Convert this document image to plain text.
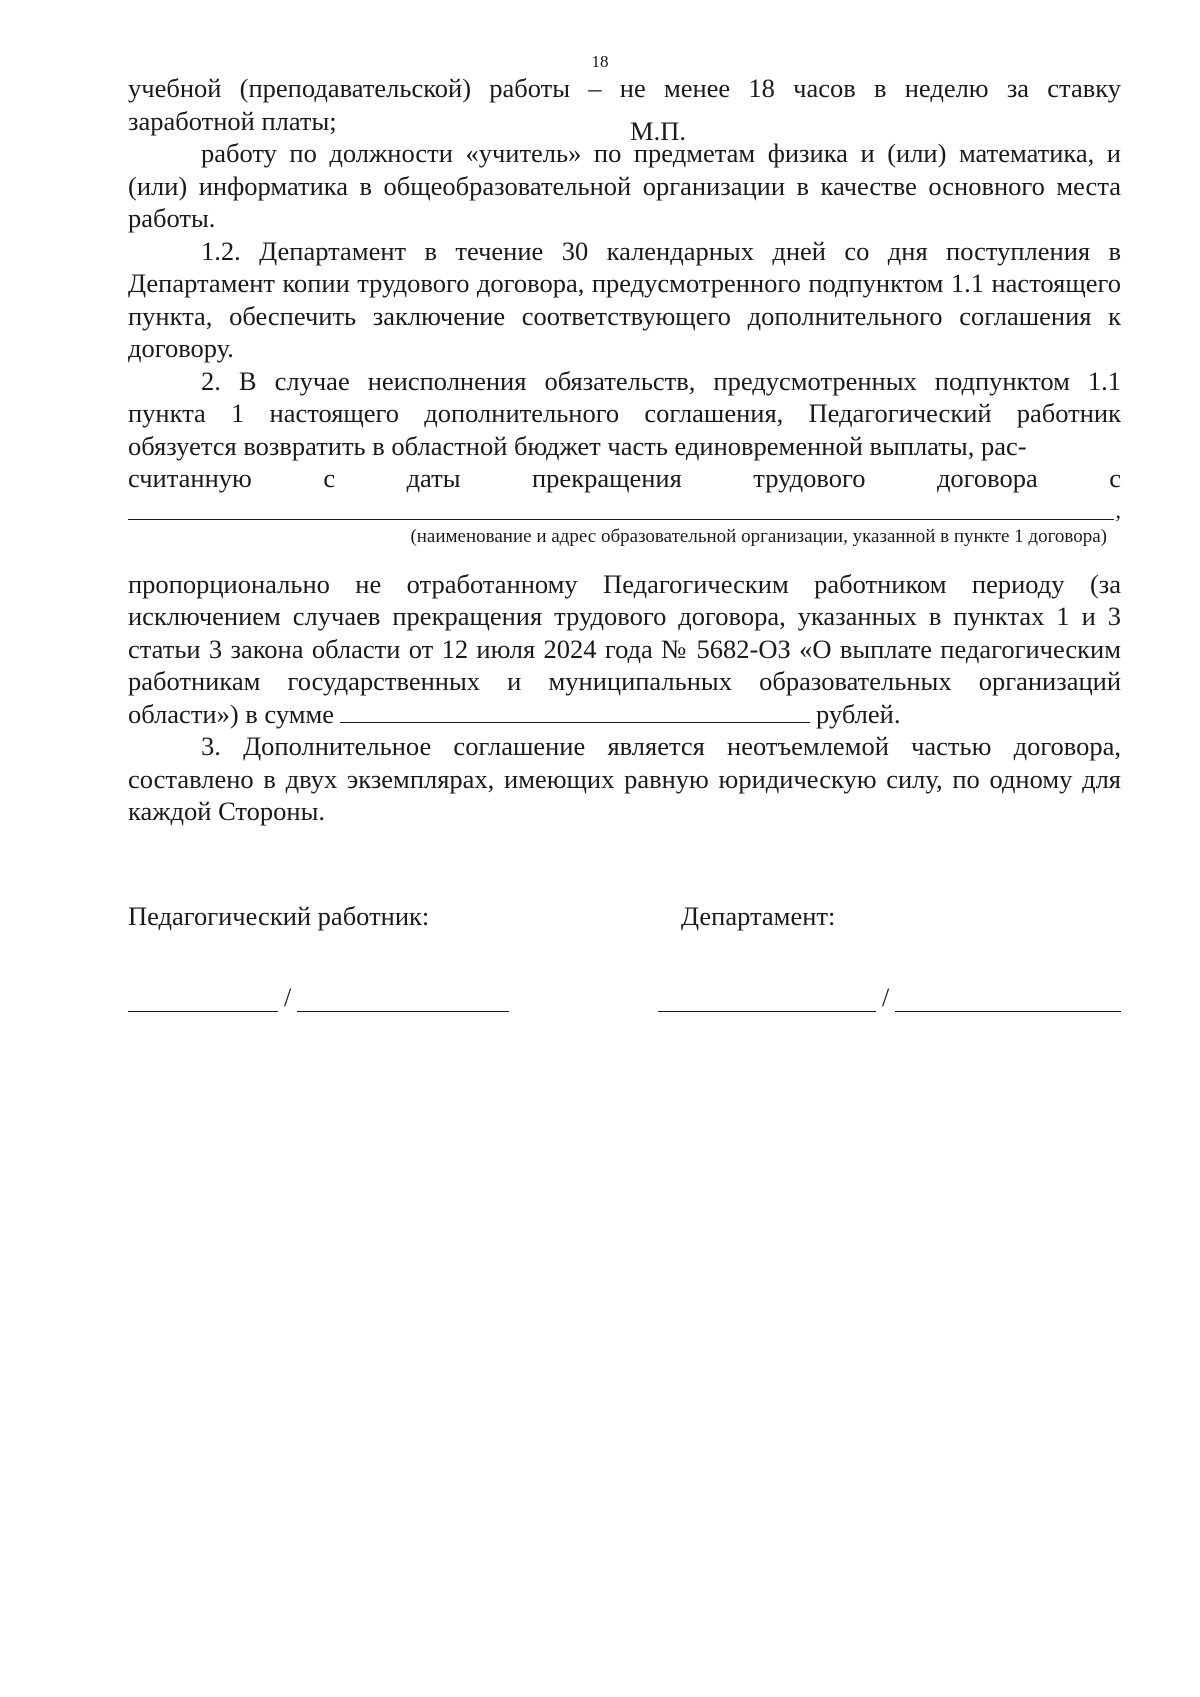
18

учебной (преподавательской) работы – не менее 18 часов в неделю за ставку заработной платы;

работу по должности «учитель» по предметам физика и (или) математика, и (или) информатика в общеобразовательной организации в качестве основного места работы.

1.2. Департамент в течение 30 календарных дней со дня поступления в Департамент копии трудового договора, предусмотренного подпунктом 1.1 настоящего пункта, обеспечить заключение соответствующего дополнительного соглашения к договору.

2. В случае неисполнения обязательств, предусмотренных подпунктом 1.1 пункта 1 настоящего дополнительного соглашения, Педагогический работник обязуется возвратить в областной бюджет часть единовременной выплаты, рас-

считанную	с	даты	прекращения	трудового	договора	с
,
(наименование и адрес образовательной организации, указанной в пункте 1 договора)

пропорционально не отработанному Педагогическим работником периоду (за исключением случаев прекращения трудового договора, указанных в пунктах 1 и 3 статьи 3 закона области от 12 июля 2024 года № 5682-ОЗ «О выплате педагогическим работникам государственных и муниципальных образовательных организаций области») в сумме	рублей.

3. Дополнительное соглашение является неотъемлемой частью договора, составлено в двух экземплярах, имеющих равную юридическую силу, по одному для каждой Стороны.

Педагогический работник:	Департамент:
/	/
М.П.
